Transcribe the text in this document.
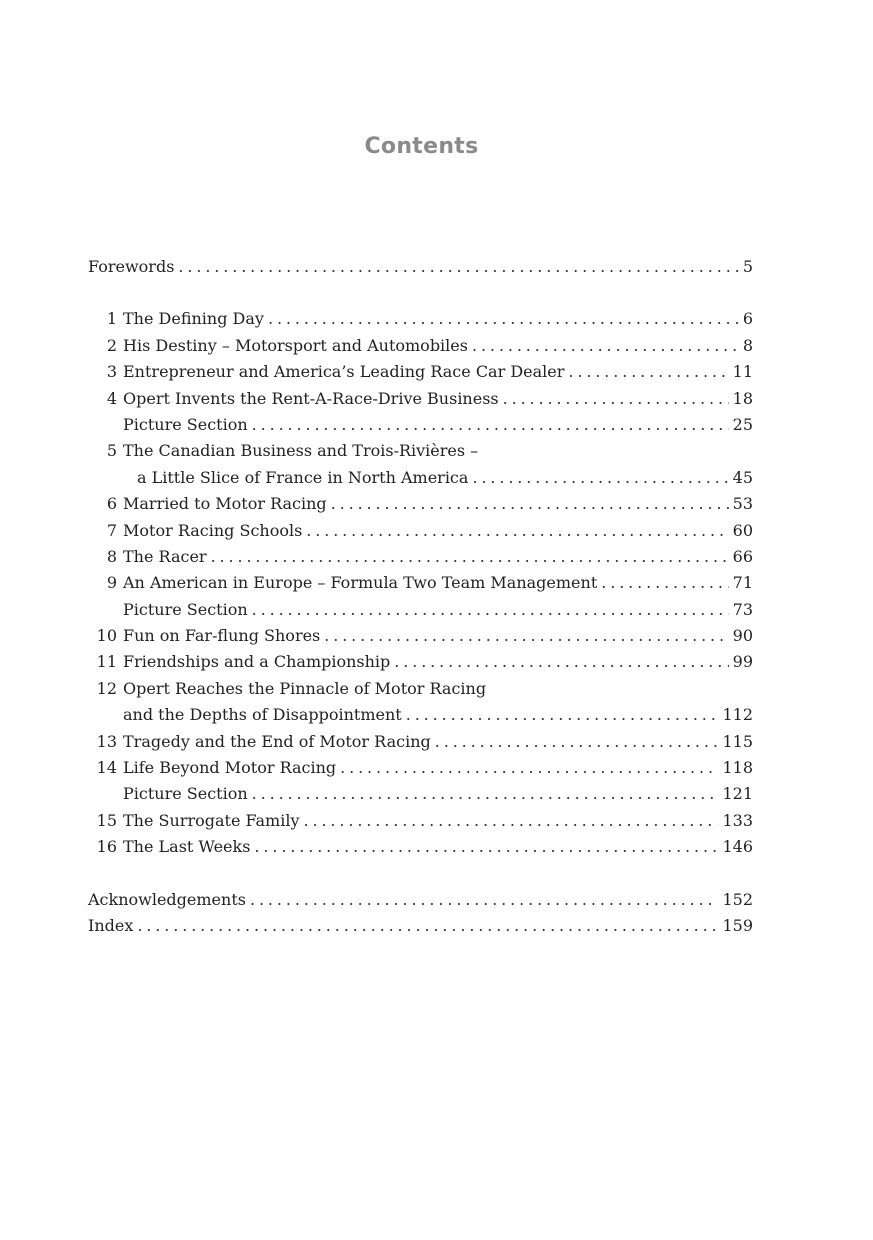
Contents
Forewords . . .	5
1 The Defining Day . . .	6
2 His Destiny – Motorsport and Automobiles . . .	8
3 Entrepreneur and America’s Leading Race Car Dealer . . .	11
4 Opert Invents the Rent-A-Race-Drive Business . . .	18
Picture Section . . .	25
5 The Canadian Business and Trois-Rivières –
a Little Slice of France in North America . . .	45
6 Married to Motor Racing . . .	53
7 Motor Racing Schools . . .	60
8 The Racer . . .	66
9 An American in Europe – Formula Two Team Management . . .	71
Picture Section . . .	73
10 Fun on Far-flung Shores . . .	90
11 Friendships and a Championship . . .	99
12 Opert Reaches the Pinnacle of Motor Racing
and the Depths of Disappointment . . .	112
13 Tragedy and the End of Motor Racing . . .	115
14 Life Beyond Motor Racing . . .	118
Picture Section . . .	121
15 The Surrogate Family . . .	133
16 The Last Weeks . . .	146
Acknowledgements . . .	152
Index . . .	159
